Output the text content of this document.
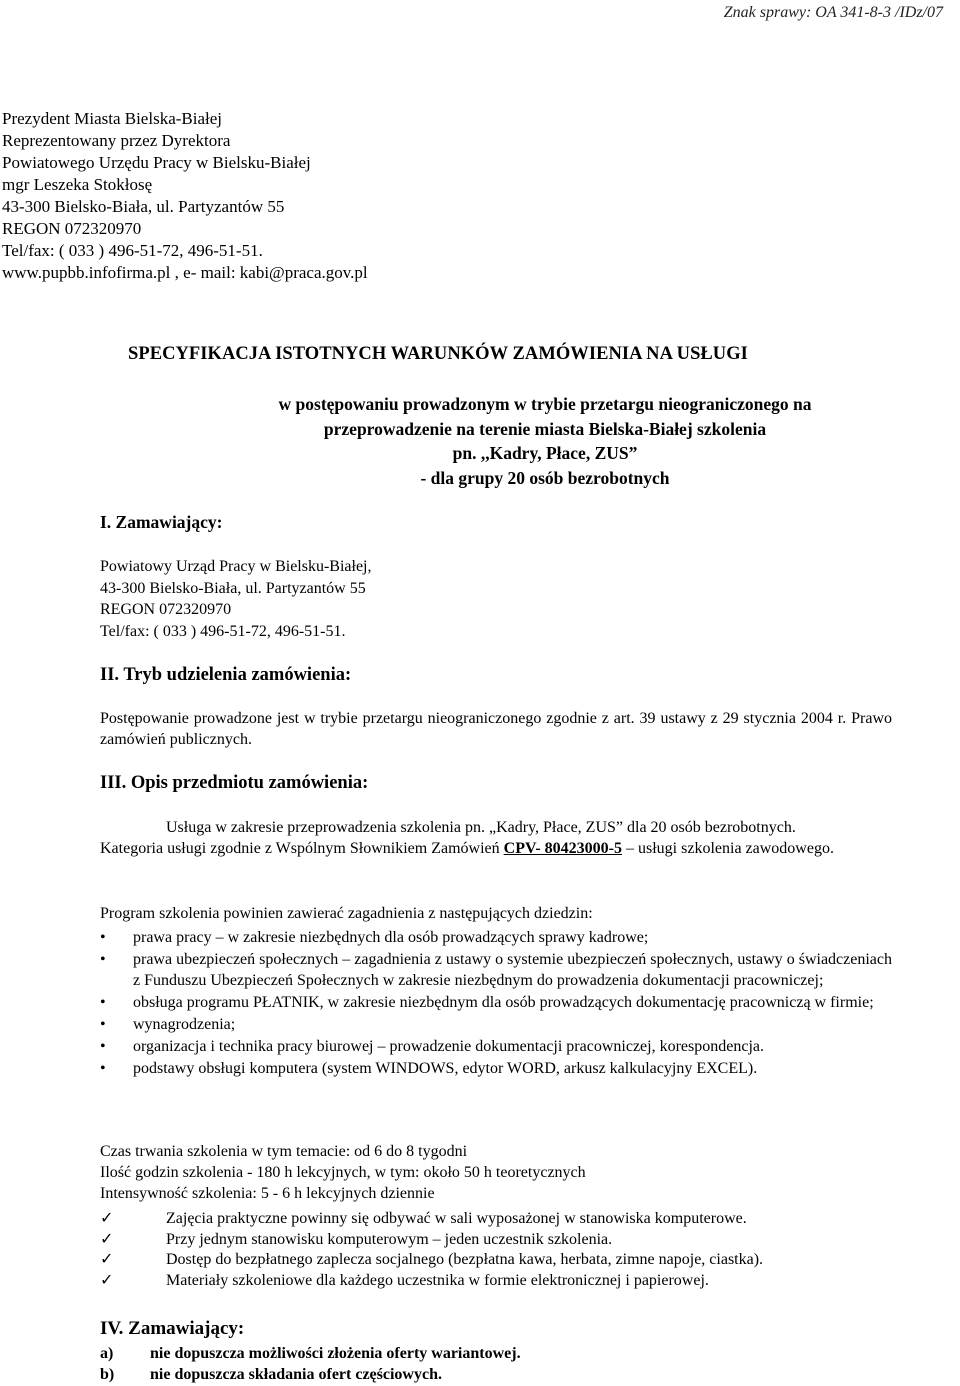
Znak sprawy: OA 341-8-3 /IDz/07
Prezydent Miasta Bielska-Białej
Reprezentowany przez Dyrektora
Powiatowego Urzędu Pracy w Bielsku-Białej
mgr Leszeka Stokłosę
43-300 Bielsko-Biała, ul. Partyzantów 55
REGON 072320970
Tel/fax: ( 033 ) 496-51-72, 496-51-51.
www.pupbb.infofirma.pl , e- mail: kabi@praca.gov.pl
SPECYFIKACJA ISTOTNYCH WARUNKÓW ZAMÓWIENIA NA USŁUGI
w postępowaniu prowadzonym w trybie przetargu nieograniczonego na
przeprowadzenie na terenie miasta Bielska-Białej szkolenia
pn. ,,Kadry, Płace, ZUS”
- dla grupy 20 osób bezrobotnych
I. Zamawiający:
Powiatowy Urząd Pracy w Bielsku-Białej,
43-300 Bielsko-Biała, ul. Partyzantów 55
REGON 072320970
Tel/fax: ( 033 ) 496-51-72, 496-51-51.
II. Tryb udzielenia zamówienia:
Postępowanie prowadzone jest w trybie przetargu nieograniczonego zgodnie z art. 39 ustawy z 29 stycznia 2004 r. Prawo zamówień publicznych.
III. Opis przedmiotu zamówienia:
Usługa w zakresie przeprowadzenia szkolenia pn. „Kadry, Płace, ZUS” dla 20 osób bezrobotnych.
Kategoria usługi zgodnie z Wspólnym Słownikiem Zamówień CPV- 80423000-5 – usługi szkolenia zawodowego.
Program szkolenia powinien zawierać zagadnienia z następujących dziedzin:
• prawa pracy – w zakresie niezbędnych dla osób prowadzących sprawy kadrowe;
• prawa ubezpieczeń społecznych – zagadnienia z ustawy o systemie ubezpieczeń społecznych, ustawy o świadczeniach z Funduszu Ubezpieczeń Społecznych w zakresie niezbędnym do prowadzenia dokumentacji pracowniczej;
• obsługa programu PŁATNIK, w zakresie niezbędnym dla osób prowadzących dokumentację pracowniczą w firmie;
• wynagrodzenia;
• organizacja i technika pracy biurowej – prowadzenie dokumentacji pracowniczej, korespondencja.
• podstawy obsługi komputera (system WINDOWS, edytor WORD, arkusz kalkulacyjny EXCEL).
Czas trwania szkolenia w tym temacie: od 6 do 8 tygodni
Ilość godzin szkolenia - 180 h lekcyjnych, w tym: około 50 h teoretycznych
Intensywność szkolenia: 5 - 6 h lekcyjnych dziennie
✓	Zajęcia praktyczne powinny się odbywać w sali wyposażonej w stanowiska komputerowe.
✓	Przy jednym stanowisku komputerowym – jeden uczestnik szkolenia.
✓	Dostęp do bezpłatnego zaplecza socjalnego (bezpłatna kawa, herbata, zimne napoje, ciastka).
✓	Materiały szkoleniowe dla każdego uczestnika w formie elektronicznej i papierowej.
IV. Zamawiający:
a) nie dopuszcza możliwości złożenia oferty wariantowej.
b) nie dopuszcza składania ofert częściowych.
